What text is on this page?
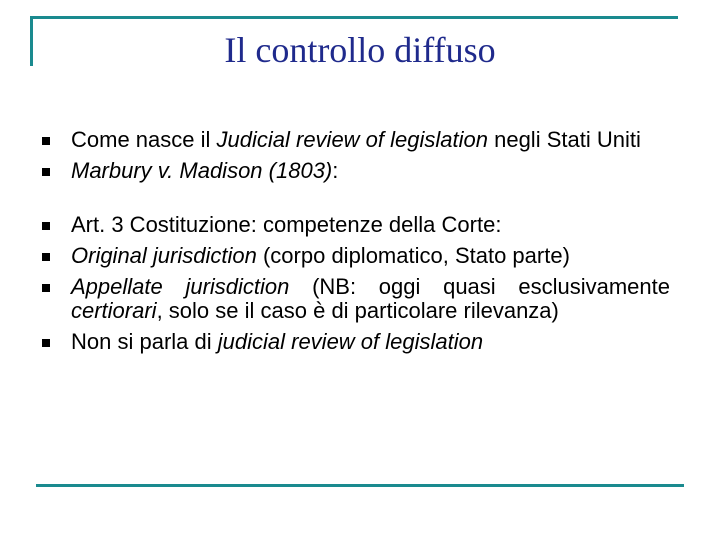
Il controllo diffuso
Come nasce il Judicial review of legislation negli Stati Uniti
Marbury v. Madison (1803):
Art. 3 Costituzione: competenze della Corte:
Original jurisdiction (corpo diplomatico, Stato parte)
Appellate jurisdiction (NB: oggi quasi esclusivamente certiorari, solo se il caso è di particolare rilevanza)
Non si parla di judicial review of legislation
